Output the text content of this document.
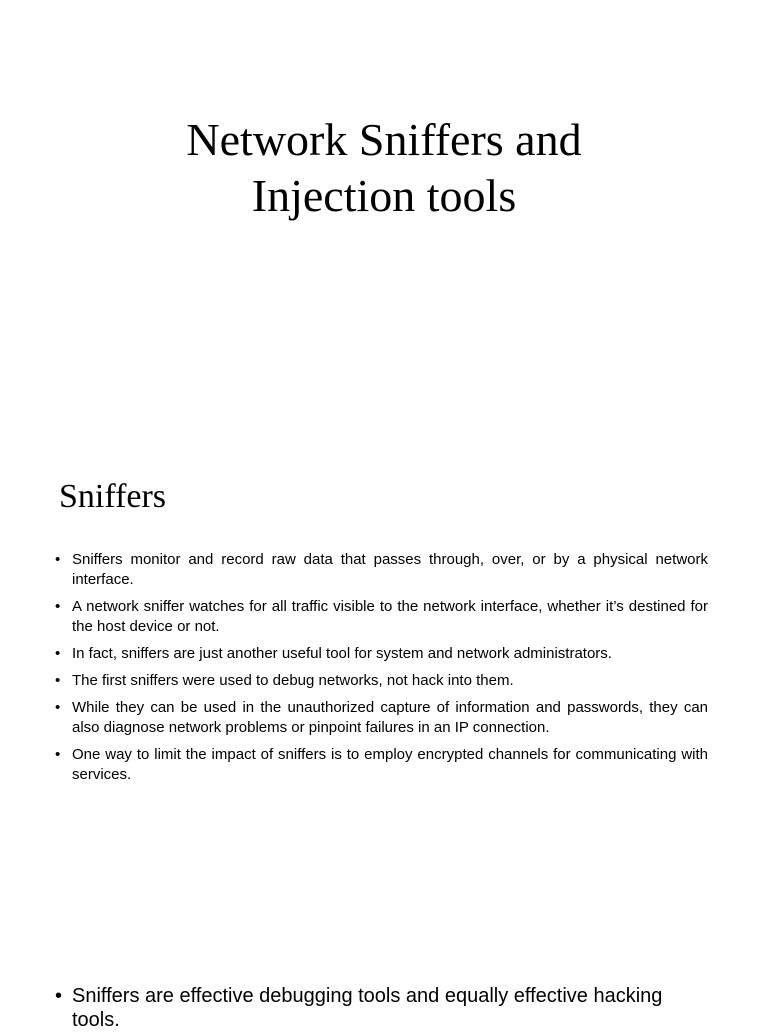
Network Sniffers and
Injection tools
Sniffers
• Sniffers monitor and record raw data that passes through, over, or by a physical network interface.
• A network sniffer watches for all traffic visible to the network interface, whether it’s destined for the host device or not.
• In fact, sniffers are just another useful tool for system and network administrators.
• The first sniffers were used to debug networks, not hack into them.
• While they can be used in the unauthorized capture of information and passwords, they can also diagnose network problems or pinpoint failures in an IP connection.
• One way to limit the impact of sniffers is to employ encrypted channels for communicating with services.
• Sniffers are effective debugging tools and equally effective hacking tools.
